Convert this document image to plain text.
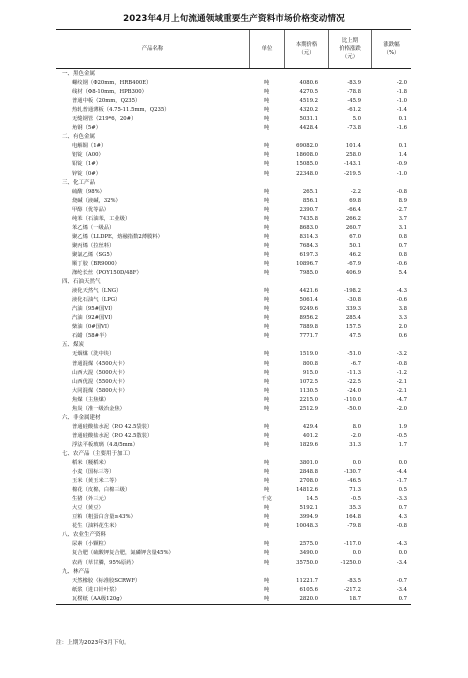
2023年4月上旬流通领域重要生产资料市场价格变动情况
产品名称	单位
本期价格
（元）
比上期
价格涨跌
（元）
涨跌幅
（%）
一、黑色金属
螺纹钢（Φ20mm，HRB400E）	吨	4080.6	-83.9	-2.0
线材（Φ8-10mm，HPB300）	吨	4270.5	-78.8	-1.8
普通中板（20mm，Q235）	吨	4519.2	-45.9	-1.0
热轧普通薄板（4.75-11.5mm，Q235）	吨	4320.2	-61.2	-1.4
无缝钢管（219*6，20#）	吨	5031.1	5.0	0.1
角钢（5#）	吨	4428.4	-73.8	-1.6
二、有色金属
电解铜（1#）	吨	69082.0	101.4	0.1
铝锭（A00）	吨	18608.0	258.0	1.4
铅锭（1#）	吨	15085.0	-143.1	-0.9
锌锭（0#）	吨	22348.0	-219.5	-1.0
三、化工产品
硫酸（98%）	吨	265.1	-2.2	-0.8
烧碱（液碱，32%）	吨	856.1	69.8	8.9
甲醇（优等品）	吨	2390.7	-66.4	-2.7
纯苯（石油苯，工业级）	吨	7435.8	266.2	3.7
苯乙烯（一级品）	吨	8683.0	260.7	3.1
聚乙烯（LLDPE，熔融指数2薄膜料）	吨	8314.3	67.0	0.8
聚丙烯（拉丝料）	吨	7684.3	50.1	0.7
聚氯乙烯（SG5）	吨	6197.3	46.2	0.8
顺丁胶（BR9000）	吨	10896.7	-67.9	-0.6
涤纶长丝（POY150D/48F）	吨	7985.0	406.9	5.4
四、石油天然气
液化天然气（LNG）	吨	4421.6	-198.2	-4.3
液化石油气（LPG）	吨	5061.4	-30.8	-0.6
汽油（95#国VI）	吨	9249.6	339.3	3.8
汽油（92#国VI）	吨	8956.2	285.4	3.3
柴油（0#国VI）	吨	7889.8	157.5	2.0
石蜡（58#半）	吨	7771.7	47.5	0.6
五、煤炭
无烟煤（洗中块）	吨	1519.0	-51.0	-3.2
普通混煤（4500大卡）	吨	800.8	-6.7	-0.8
山西大混（5000大卡）	吨	915.0	-11.3	-1.2
山西优混（5500大卡）	吨	1072.5	-22.5	-2.1
大同混煤（5800大卡）	吨	1130.5	-24.0	-2.1
焦煤（主焦煤）	吨	2215.0	-110.0	-4.7
焦炭（准一级冶金焦）	吨	2512.9	-50.0	-2.0
六、非金属建材
普通硅酸盐水泥（P.O 42.5袋装）	吨	429.4	8.0	1.9
普通硅酸盐水泥（P.O 42.5散装）	吨	401.2	-2.0	-0.5
浮法平板玻璃（4.8/5mm）	吨	1829.6	31.3	1.7
七、农产品（主要用于加工）
稻米（粳稻米）	吨	3801.0	0.0	0.0
小麦（国标三等）	吨	2848.8	-130.7	-4.4
玉米（黄玉米二等）	吨	2708.0	-46.5	-1.7
棉花（皮棉，白棉三级）	吨	14812.6	71.3	0.5
生猪（外三元）	千克	14.5	-0.5	-3.3
大豆（黄豆）	吨	5192.1	35.3	0.7
豆粕（粗蛋白含量≥43%）	吨	3994.9	164.8	4.3
花生（油料花生米）	吨	10048.3	-79.8	-0.8
八、农业生产资料
尿素（小颗粒）	吨	2575.0	-117.0	-4.3
复合肥（硫酸钾复合肥，氮磷钾含量45%）	吨	3490.0	0.0	0.0
农药（草甘膦，95%原药）	吨	35750.0	-1250.0	-3.4
九、林产品
天然橡胶（标准胶SCRWF）	吨	11221.7	-83.5	-0.7
纸浆（进口针叶浆）	吨	6105.6	-217.2	-3.4
瓦楞纸（AA级120g）	吨	2820.0	18.7	0.7
注：上期为2023年3月下旬。
